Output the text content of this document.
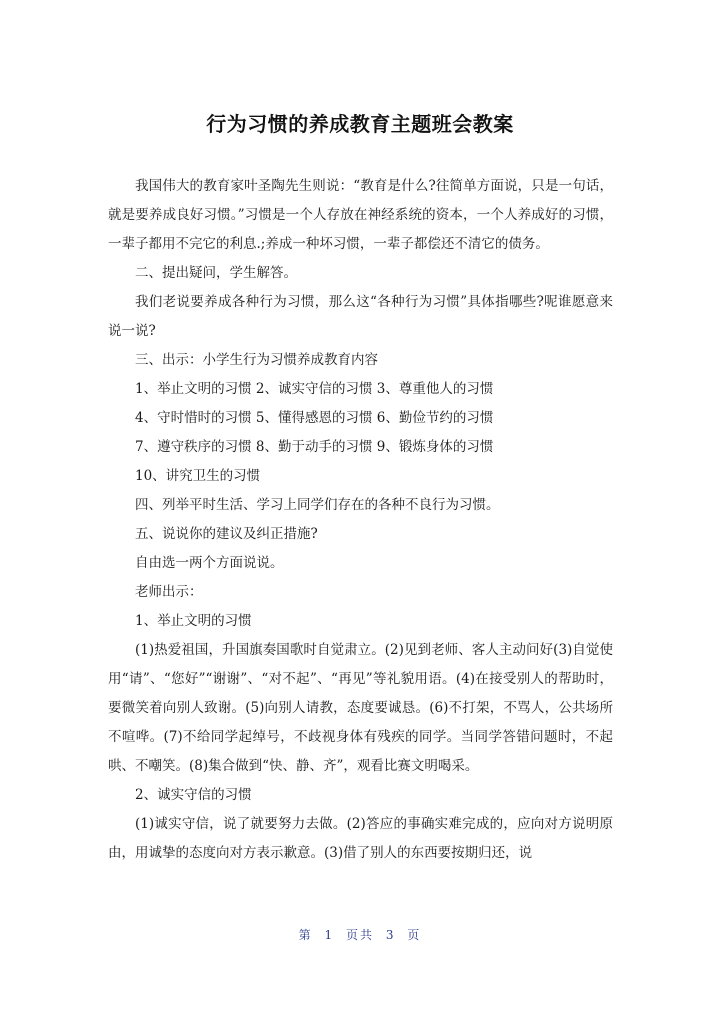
行为习惯的养成教育主题班会教案

我国伟大的教育家叶圣陶先生则说：“教育是什么?往简单方面说，只是一句话，就是要养成良好习惯。”习惯是一个人存放在神经系统的资本，一个人养成好的习惯，一辈子都用不完它的利息.;养成一种坏习惯，一辈子都偿还不清它的债务。

二、提出疑问，学生解答。

我们老说要养成各种行为习惯，那么这“各种行为习惯”具体指哪些?呢谁愿意来说一说?

三、出示：小学生行为习惯养成教育内容

1、举止文明的习惯 2、诚实守信的习惯 3、尊重他人的习惯

4、守时惜时的习惯 5、懂得感恩的习惯 6、勤俭节约的习惯

7、遵守秩序的习惯 8、勤于动手的习惯 9、锻炼身体的习惯

10、讲究卫生的习惯

四、列举平时生活、学习上同学们存在的各种不良行为习惯。

五、说说你的建议及纠正措施?

自由选一两个方面说说。

老师出示：

1、举止文明的习惯

(1)热爱祖国，升国旗奏国歌时自觉肃立。(2)见到老师、客人主动问好(3)自觉使用“请”、“您好”“谢谢”、“对不起”、“再见”等礼貌用语。(4)在接受别人的帮助时，要微笑着向别人致谢。(5)向别人请教，态度要诚恳。(6)不打架，不骂人，公共场所不喧哗。(7)不给同学起绰号，不歧视身体有残疾的同学。当同学答错问题时，不起哄、不嘲笑。(8)集合做到“快、静、齐”，观看比赛文明喝采。

2、诚实守信的习惯

(1)诚实守信，说了就要努力去做。(2)答应的事确实难完成的，应向对方说明原由，用诚挚的态度向对方表示歉意。(3)借了别人的东西要按期归还，说

第 1 页共 3 页
